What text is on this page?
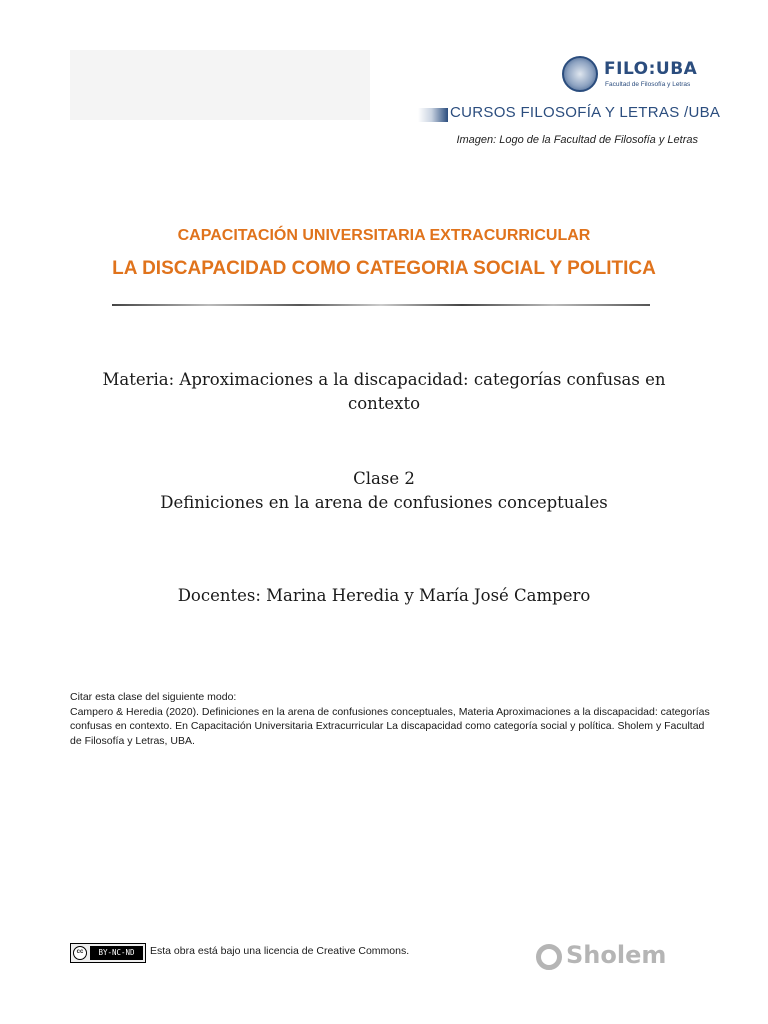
FILO:UBA
Facultad de Filosofía y Letras
CURSOS FILOSOFÍA Y LETRAS /UBA
Imagen: Logo de la Facultad de Filosofía y Letras
CAPACITACIÓN UNIVERSITARIA EXTRACURRICULAR
LA DISCAPACIDAD COMO CATEGORIA SOCIAL Y POLITICA
Materia: Aproximaciones a la discapacidad: categorías confusas en contexto
Clase 2
Definiciones en la arena de confusiones conceptuales
Docentes: Marina Heredia y María José Campero
Citar esta clase del siguiente modo:
Campero & Heredia (2020). Definiciones en la arena de confusiones conceptuales, Materia Aproximaciones a la discapacidad: categorías confusas en contexto. En Capacitación Universitaria Extracurricular La discapacidad como categoría social y política. Sholem y Facultad de Filosofía y Letras, UBA.
cc	BY-NC-ND	Esta obra está bajo una licencia de Creative Commons.	Sholem
